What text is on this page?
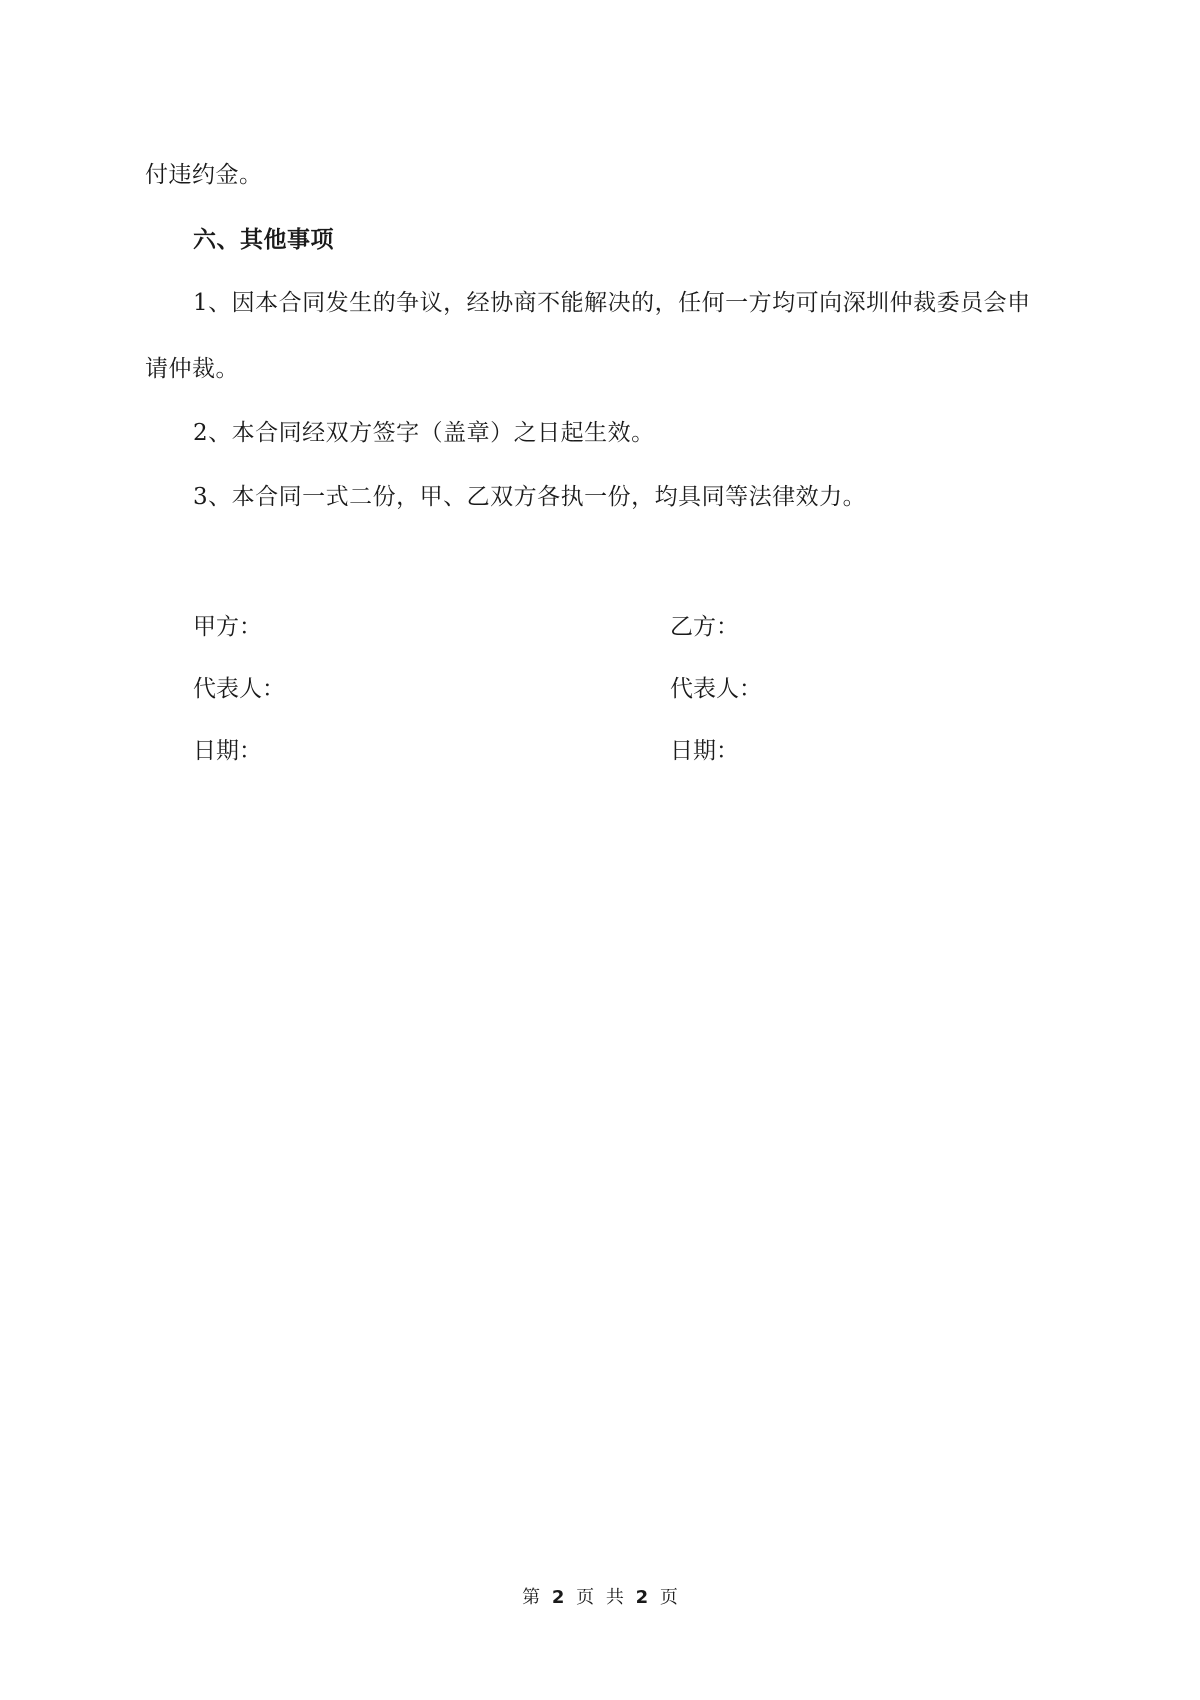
付违约金。
六、其他事项
1、因本合同发生的争议，经协商不能解决的，任何一方均可向深圳仲裁委员会申
请仲裁。
2、本合同经双方签字（盖章）之日起生效。
3、本合同一式二份，甲、乙双方各执一份，均具同等法律效力。
甲方：	乙方：
代表人：	代表人：
日期：	日期：
第 2 页 共 2 页
